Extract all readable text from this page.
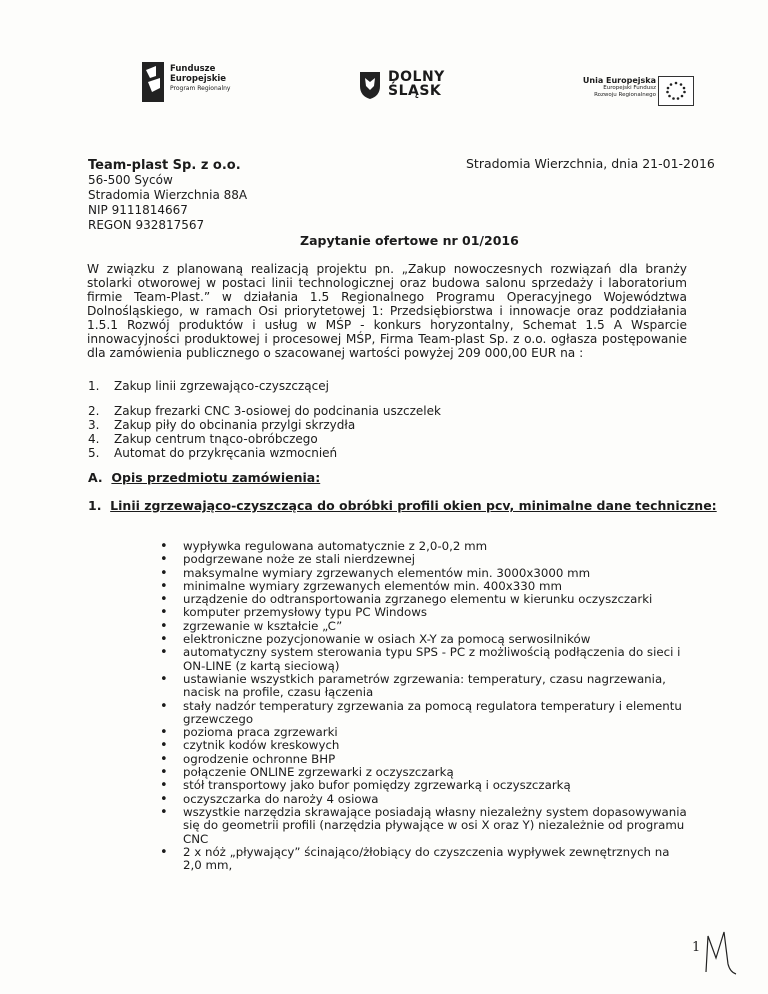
Fundusze
Europejskie
Program Regionalny
DOLNY
ŚLĄSK
Unia Europejska
Europejski Fundusz
Rozwoju Regionalnego
Team-plast Sp. z o.o.
56-500 Syców
Stradomia Wierzchnia 88A
NIP 9111814667
REGON 932817567
Stradomia Wierzchnia, dnia 21-01-2016
Zapytanie ofertowe nr 01/2016
W związku z planowaną realizacją projektu pn. „Zakup nowoczesnych rozwiązań dla branży stolarki otworowej w postaci linii technologicznej oraz budowa salonu sprzedaży i laboratorium firmie Team-Plast.” w działania 1.5 Regionalnego Programu Operacyjnego Województwa Dolnośląskiego, w ramach Osi priorytetowej 1: Przedsiębiorstwa i innowacje oraz poddziałania 1.5.1 Rozwój produktów i usług w MŚP - konkurs horyzontalny, Schemat 1.5 A Wsparcie innowacyjności produktowej i procesowej MŚP, Firma Team-plast Sp. z o.o. ogłasza postępowanie dla zamówienia publicznego o szacowanej wartości powyżej 209 000,00 EUR na :
1.	Zakup linii zgrzewająco-czyszczącej
2.	Zakup frezarki CNC 3-osiowej do podcinania uszczelek
3.	Zakup piły do obcinania przylgi skrzydła
4.	Zakup centrum tnąco-obróbczego
5.	Automat do przykręcania wzmocnień
A. Opis przedmiotu zamówienia:
1. Linii zgrzewająco-czyszcząca do obróbki profili okien pcv, minimalne dane techniczne:
• wypływka regulowana automatycznie z 2,0-0,2 mm
• podgrzewane noże ze stali nierdzewnej
• maksymalne wymiary zgrzewanych elementów min. 3000x3000 mm
• minimalne wymiary zgrzewanych elementów min. 400x330 mm
• urządzenie do odtransportowania zgrzanego elementu w kierunku oczyszczarki
• komputer przemysłowy typu PC Windows
• zgrzewanie w kształcie „C”
• elektroniczne pozycjonowanie w osiach X-Y za pomocą serwosilników
• automatyczny system sterowania typu SPS - PC z możliwością podłączenia do sieci i ON-LINE (z kartą sieciową)
• ustawianie wszystkich parametrów zgrzewania: temperatury, czasu nagrzewania, nacisk na profile, czasu łączenia
• stały nadzór temperatury zgrzewania za pomocą regulatora temperatury i elementu grzewczego
• pozioma praca zgrzewarki
• czytnik kodów kreskowych
• ogrodzenie ochronne BHP
• połączenie ONLINE zgrzewarki z oczyszczarką
• stół transportowy jako bufor pomiędzy zgrzewarką i oczyszczarką
• oczyszczarka do naroży 4 osiowa
• wszystkie narzędzia skrawające posiadają własny niezależny system dopasowywania się do geometrii profili (narzędzia pływające w osi X oraz Y) niezależnie od programu CNC
• 2 x nóż „pływający” ścinająco/żłobiący do czyszczenia wypływek zewnętrznych na 2,0 mm,
1
